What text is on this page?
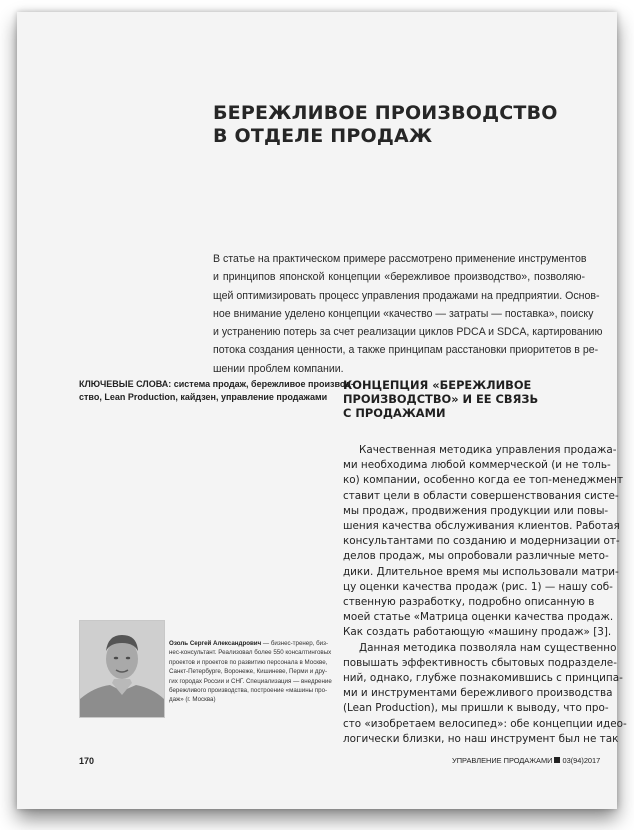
БЕРЕЖЛИВОЕ ПРОИЗВОДСТВО
В ОТДЕЛЕ ПРОДАЖ
В статье на практическом примере рассмотрено применение инструментов
и принципов японской концепции «бережливое производство», позволяю-
щей оптимизировать процесс управления продажами на предприятии. Основ-
ное внимание уделено концепции «качество — затраты — поставка», поиску
и устранению потерь за счет реализации циклов PDCA и SDCA, картированию
потока создания ценности, а также принципам расстановки приоритетов в ре-
шении проблем компании.
КЛЮЧЕВЫЕ СЛОВА: система продаж, бережливое производ-
ство, Lean Production, кайдзен, управление продажами
КОНЦЕПЦИЯ «БЕРЕЖЛИВОЕ
ПРОИЗВОДСТВО» И ЕЕ СВЯЗЬ
С ПРОДАЖАМИ
Качественная методика управления продажа-
ми необходима любой коммерческой (и не толь-
ко) компании, особенно когда ее топ-менеджмент
ставит цели в области совершенствования систе-
мы продаж, продвижения продукции или повы-
шения качества обслуживания клиентов. Работая
консультантами по созданию и модернизации от-
делов продаж, мы опробовали различные мето-
дики. Длительное время мы использовали матри-
цу оценки качества продаж (рис. 1) — нашу соб-
ственную разработку, подробно описанную в
моей статье «Матрица оценки качества продаж.
Как создать работающую «машину продаж» [3].
Данная методика позволяла нам существенно
повышать эффективность сбытовых подразделе-
ний, однако, глубже познакомившись с принципа-
ми и инструментами бережливого производства
(Lean Production), мы пришли к выводу, что про-
сто «изобретаем велосипед»: обе концепции идео-
логически близки, но наш инструмент был не так
Озоль Сергей Александрович — бизнес-тренер, биз-
нес-консультант. Реализовал более 550 консалтинговых
проектов и проектов по развитию персонала в Москве,
Санкт-Петербурге, Воронеже, Кишиневе, Перми и дру-
гих городах России и СНГ. Специализация — внедрение
бережливого производства, построение «машины про-
даж» (г. Москва)
170	УПРАВЛЕНИЕ ПРОДАЖАМИ 03(94)2017
